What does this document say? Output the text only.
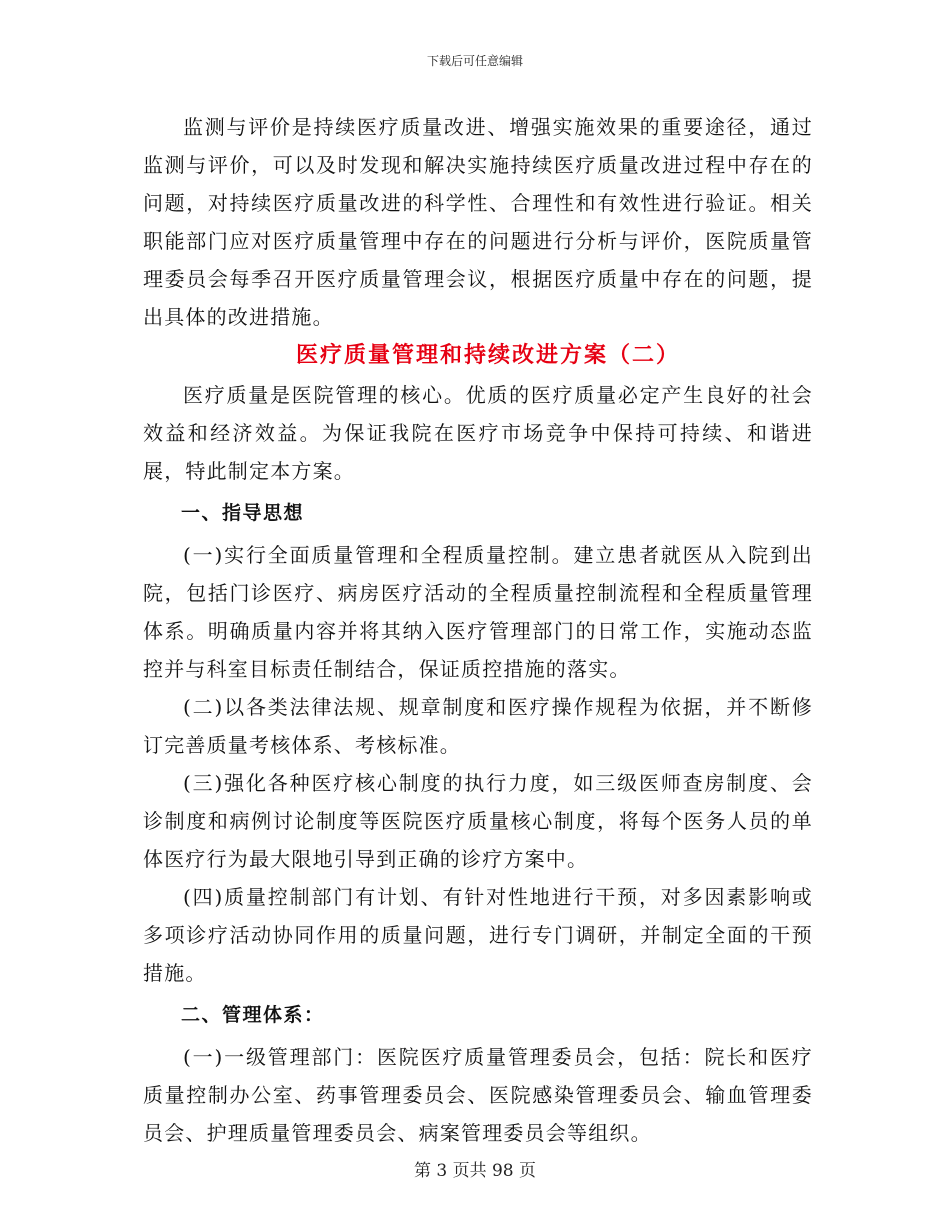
下载后可任意编辑

监测与评价是持续医疗质量改进、增强实施效果的重要途径，通过监测与评价，可以及时发现和解决实施持续医疗质量改进过程中存在的问题，对持续医疗质量改进的科学性、合理性和有效性进行验证。相关职能部门应对医疗质量管理中存在的问题进行分析与评价，医院质量管理委员会每季召开医疗质量管理会议，根据医疗质量中存在的问题，提出具体的改进措施。

医疗质量管理和持续改进方案（二）

医疗质量是医院管理的核心。优质的医疗质量必定产生良好的社会效益和经济效益。为保证我院在医疗市场竞争中保持可持续、和谐进展，特此制定本方案。

一、指导思想

(一)实行全面质量管理和全程质量控制。建立患者就医从入院到出院，包括门诊医疗、病房医疗活动的全程质量控制流程和全程质量管理体系。明确质量内容并将其纳入医疗管理部门的日常工作，实施动态监控并与科室目标责任制结合，保证质控措施的落实。

(二)以各类法律法规、规章制度和医疗操作规程为依据，并不断修订完善质量考核体系、考核标准。

(三)强化各种医疗核心制度的执行力度，如三级医师查房制度、会诊制度和病例讨论制度等医院医疗质量核心制度，将每个医务人员的单体医疗行为最大限地引导到正确的诊疗方案中。

(四)质量控制部门有计划、有针对性地进行干预，对多因素影响或多项诊疗活动协同作用的质量问题，进行专门调研，并制定全面的干预措施。

二、管理体系：

(一)一级管理部门：医院医疗质量管理委员会，包括：院长和医疗质量控制办公室、药事管理委员会、医院感染管理委员会、输血管理委员会、护理质量管理委员会、病案管理委员会等组织。

第 3 页共 98 页
